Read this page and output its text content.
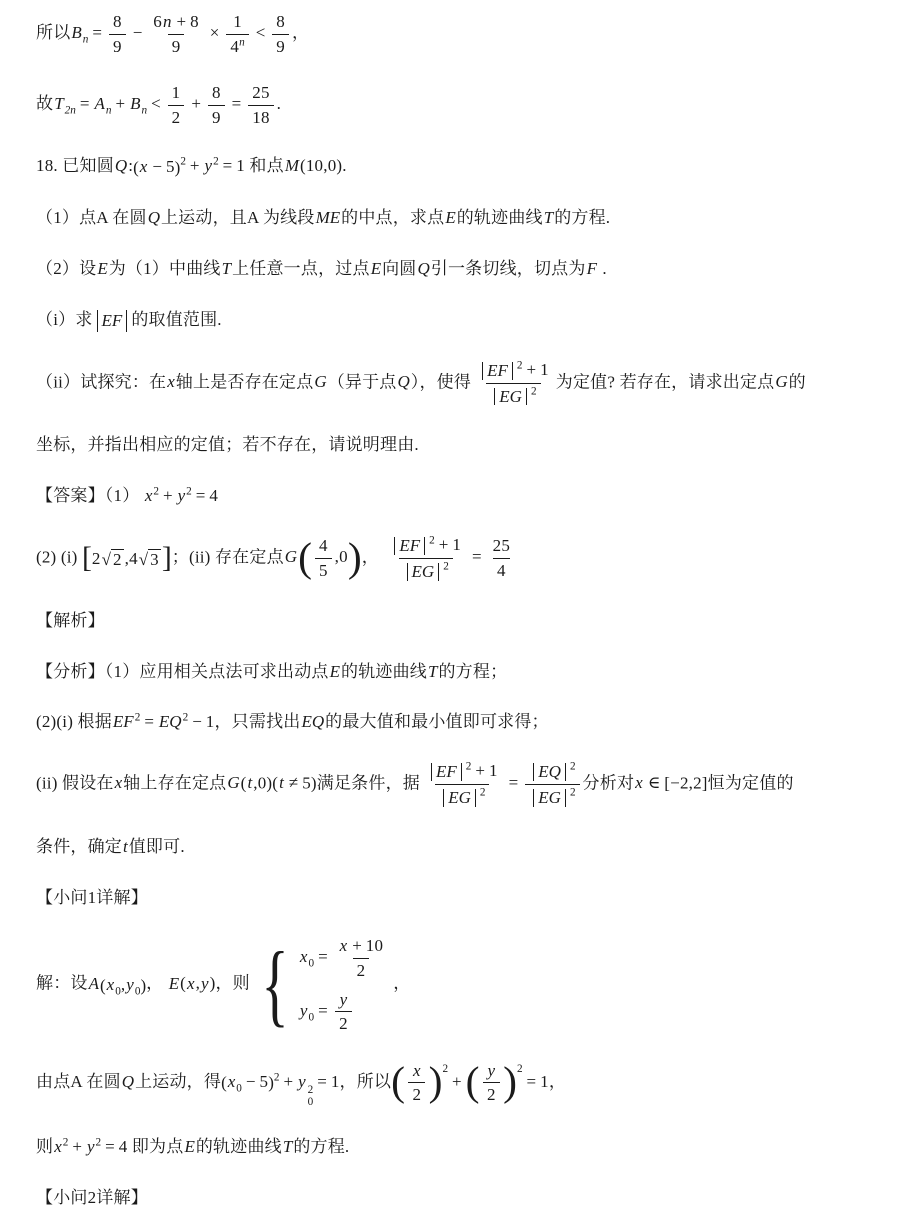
所以$B_n = \frac{8}{9} - \frac{6n + 8}{9} \times \frac{1}{4^n} < \frac{8}{9}$ ，

故$T_{2n} = A_n + B_n < \frac{1}{2} + \frac{8}{9} = \frac{25}{18}$ .

18. 已知圆Q: ( x − 5 ) $^2 + y^2 = 1$ 和点M(10,0).

（1）点A 在圆Q上运动，且A 为线段ME的中点，求点E的轨迹曲线T的方程.

（2）设E为（1）中曲线T上任意一点，过点E向圆Q引一条切线，切点为F .

（i）求 EF 的取值范围.

（ii）试探究：在x轴上是否存在定点G（异于点Q），使得 $\frac{EF ^2 + 1}{EG ^2}$ 为定值? 若存在，请求出定点G的

坐标，并指出相应的定值；若不存在，请说明理由.

【答案】（1） $x^2 + y^2 = 4$

(2) (i) [ 2 √ 2 ,4 √ 3 ] ；(ii) 存在定点G ( $\frac{4}{5} ,0$ ) ， $\frac{EF ^2 + 1}{EG ^2} = \frac{25}{4}$

【解析】

【分析】（1）应用相关点法可求出动点E的轨迹曲线T的方程；

(2)(i) 根据$EF^2 = EQ^2 - 1$，只需找出EQ的最大值和最小值即可求得；

(ii) 假设在x轴上存在定点G(t,0)(t ≠ 5)满足条件，据 $\frac{EF ^2 + 1}{EG ^2} = \frac{EQ ^2}{EG ^2}$ 分析对x ∈ [−2,2]恒为定值的

条件，确定t值即可.

【小问1详解】

解：设A ( $x_0,y_0$ ) ， E(x,y)，则 { $x_0 = \frac{x + 10}{2}$
$y_0 = \frac{y}{2}$
，

由点A 在圆Q上运动，得 ( $x_0 - 5$ ) $^2$ + y 2
0
= 1，所以 ( $\frac{x}{2}$ ) $^2$+ ( $\frac{y}{2}$ ) $^2$= 1，

则$x^2 + y^2 = 4$ 即为点E的轨迹曲线T的方程.

【小问2详解】
